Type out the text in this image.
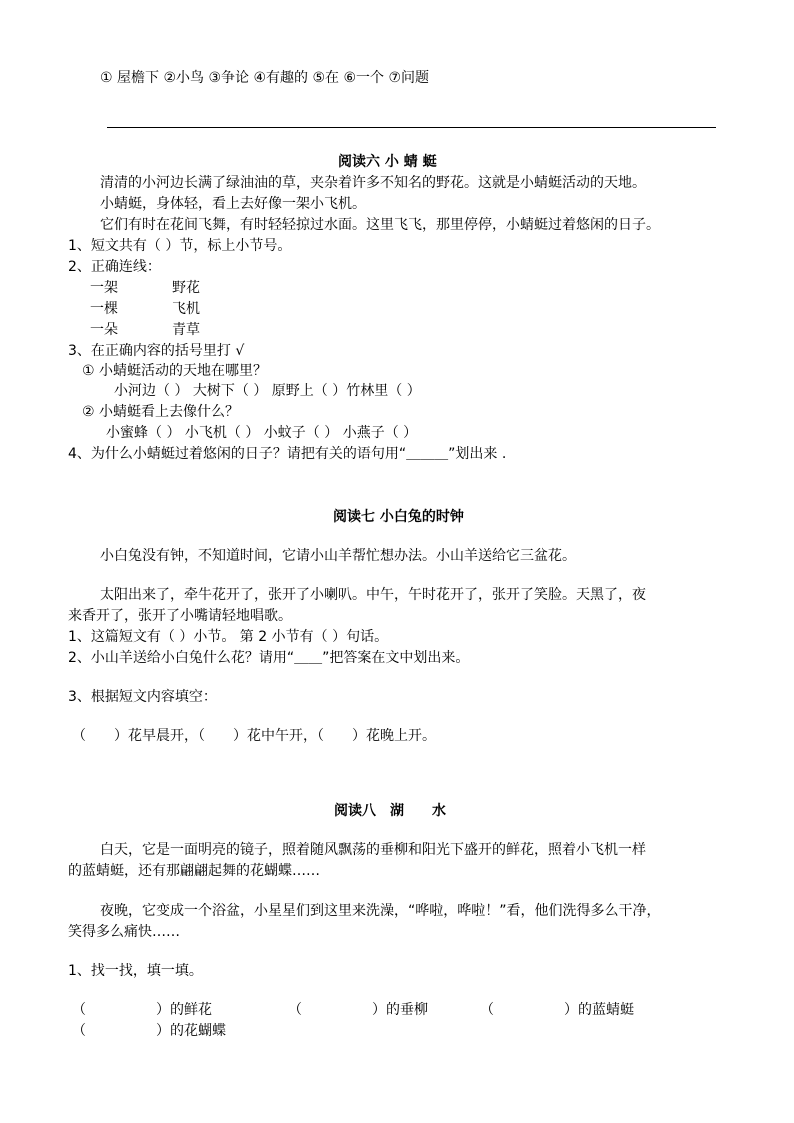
① 屋檐下 ②小鸟 ③争论 ④有趣的 ⑤在 ⑥一个 ⑦问题
阅读六 小 蜻 蜓
清清的小河边长满了绿油油的草，夹杂着许多不知名的野花。这就是小蜻蜓活动的天地。
小蜻蜓，身体轻，看上去好像一架小飞机。
它们有时在花间飞舞，有时轻轻掠过水面。这里飞飞，那里停停，小蜻蜓过着悠闲的日子。
1、短文共有（ ）节，标上小节号。
2、正确连线：
一架	野花
一棵	飞机
一朵	青草
3、在正确内容的括号里打 √
① 小蜻蜓活动的天地在哪里？
小河边（ ） 大树下（ ） 原野上（ ）竹林里（ ）
② 小蜻蜓看上去像什么？
小蜜蜂（ ） 小飞机（ ） 小蚊子（ ） 小燕子（ ）
4、为什么小蜻蜓过着悠闲的日子？请把有关的语句用“＿＿＿”划出来 .
阅读七 小白兔的时钟
小白兔没有钟，不知道时间，它请小山羊帮忙想办法。小山羊送给它三盆花。
太阳出来了，牵牛花开了，张开了小喇叭。中午，午时花开了，张开了笑脸。天黑了，夜
来香开了，张开了小嘴请轻地唱歌。
1、这篇短文有（ ）小节。 第 2 小节有（ ）句话。
2、小山羊送给小白兔什么花？请用“＿＿”把答案在文中划出来。
3、根据短文内容填空：
（　　）花早晨开，（　　）花中午开，（　　）花晚上开。
阅读八　湖　　水
白天，它是一面明亮的镜子，照着随风飘荡的垂柳和阳光下盛开的鲜花，照着小飞机一样
的蓝蜻蜓，还有那翩翩起舞的花蝴蝶……
夜晚，它变成一个浴盆，小星星们到这里来洗澡，“哗啦，哗啦！”看，他们洗得多么干净，
笑得多么痛快……
1、找一找，填一填。
（　　　　　）的鲜花	（　　　　　）的垂柳	（　　　　　）的蓝蜻蜓
（　　　　　）的花蝴蝶
